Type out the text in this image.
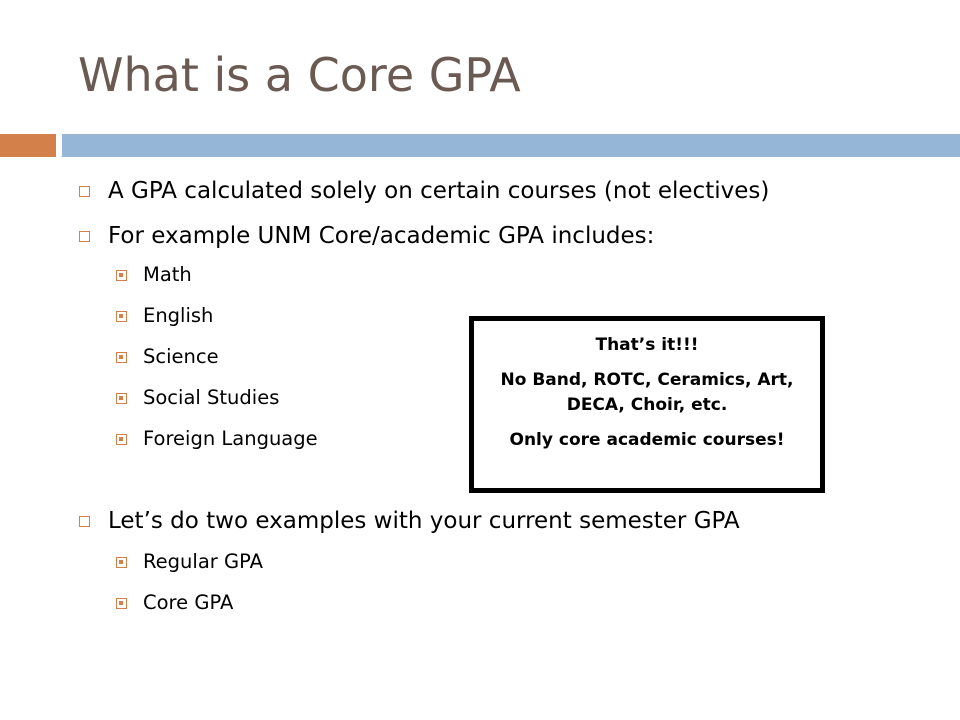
What is a Core GPA
A GPA calculated solely on certain courses (not electives)
For example UNM Core/academic GPA includes:
Math
English
Science
Social Studies
Foreign Language
Let’s do two examples with your current semester GPA
Regular GPA
Core GPA

That’s it!!!

No Band, ROTC, Ceramics, Art, DECA, Choir, etc.

Only core academic courses!
